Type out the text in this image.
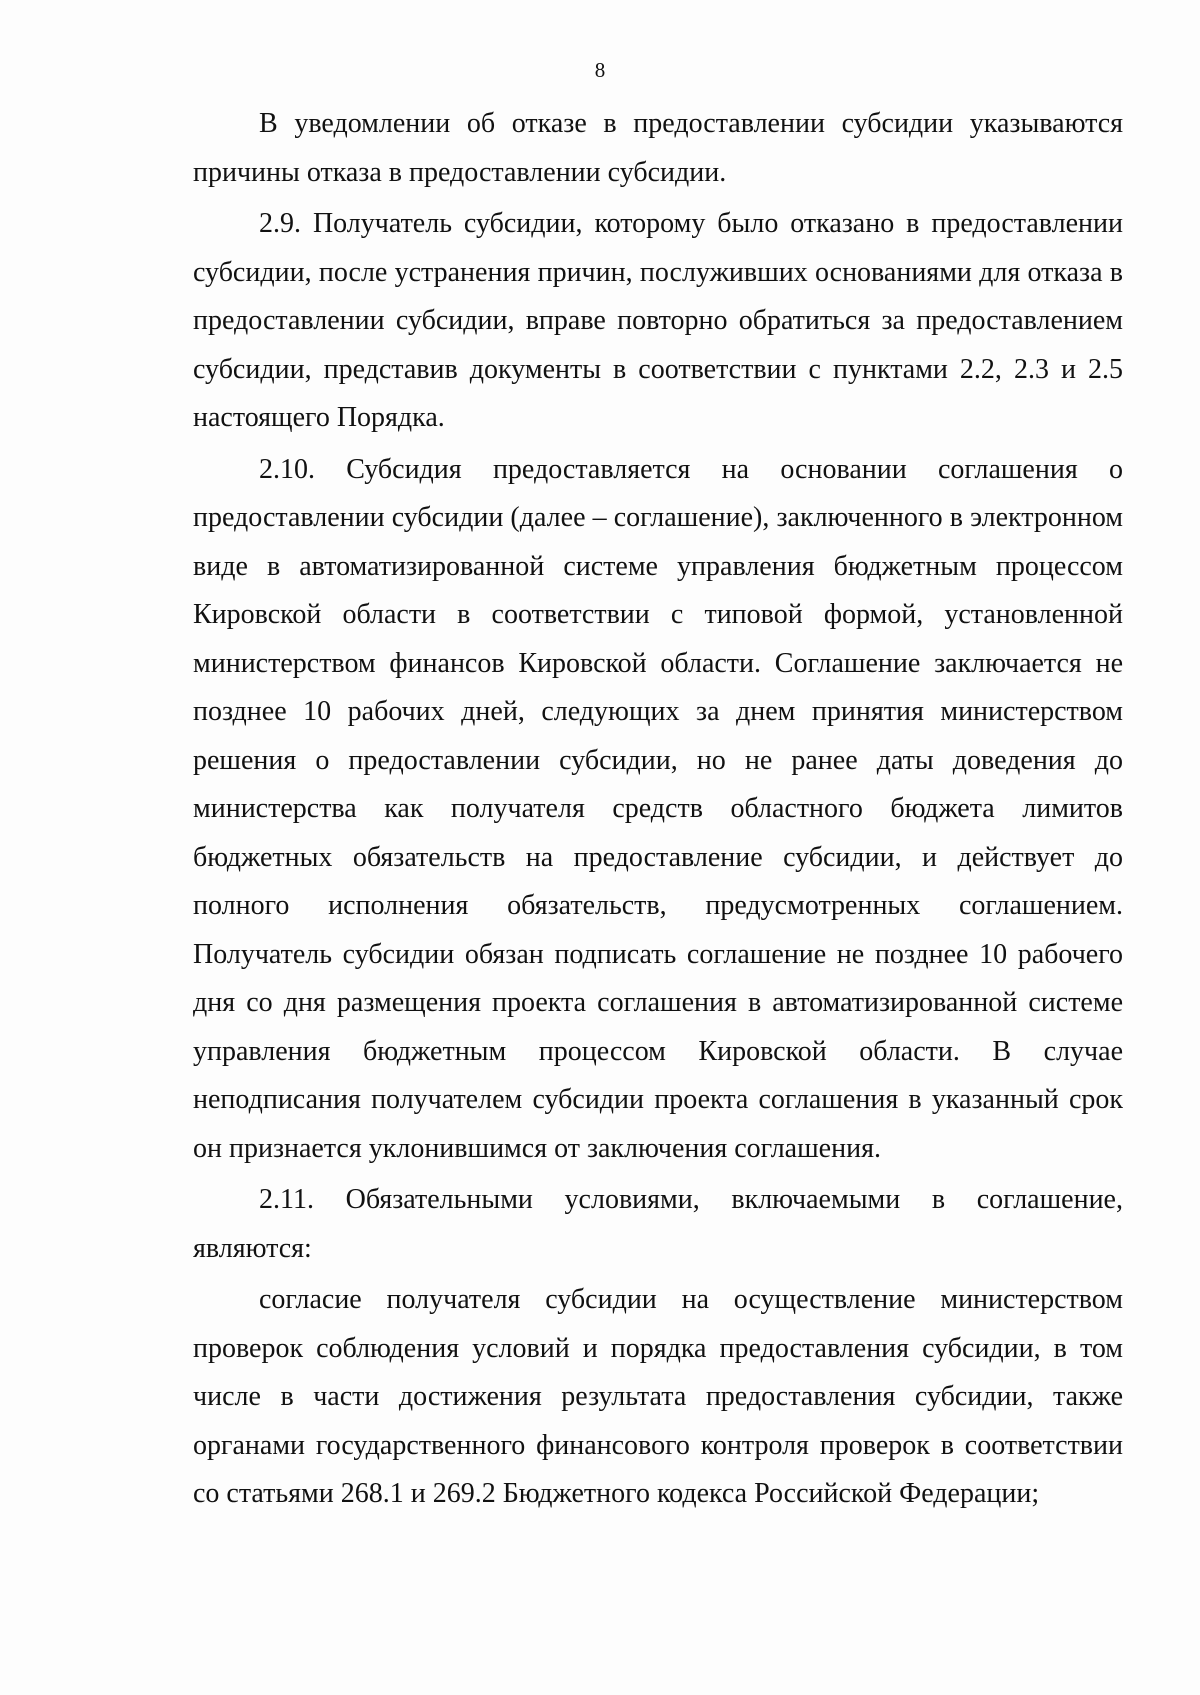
8

В уведомлении об отказе в предоставлении субсидии указываются причины отказа в предоставлении субсидии.

2.9. Получатель субсидии, которому было отказано в предоставлении субсидии, после устранения причин, послуживших основаниями для отказа в предоставлении субсидии, вправе повторно обратиться за предоставлением субсидии, представив документы в соответствии с пунктами 2.2, 2.3 и 2.5 настоящего Порядка.

2.10. Субсидия предоставляется на основании соглашения о предоставлении субсидии (далее – соглашение), заключенного в электронном виде в автоматизированной системе управления бюджетным процессом Кировской области в соответствии с типовой формой, установленной министерством финансов Кировской области. Соглашение заключается не позднее 10 рабочих дней, следующих за днем принятия министерством решения о предоставлении субсидии, но не ранее даты доведения до министерства как получателя средств областного бюджета лимитов бюджетных обязательств на предоставление субсидии, и действует до полного исполнения обязательств, предусмотренных соглашением. Получатель субсидии обязан подписать соглашение не позднее 10 рабочего дня со дня размещения проекта соглашения в автоматизированной системе управления бюджетным процессом Кировской области. В случае неподписания получателем субсидии проекта соглашения в указанный срок он признается уклонившимся от заключения соглашения.

2.11. Обязательными условиями, включаемыми в соглашение, являются:

согласие получателя субсидии на осуществление министерством проверок соблюдения условий и порядка предоставления субсидии, в том числе в части достижения результата предоставления субсидии, также органами государственного финансового контроля проверок в соответствии со статьями 268.1 и 269.2 Бюджетного кодекса Российской Федерации;
